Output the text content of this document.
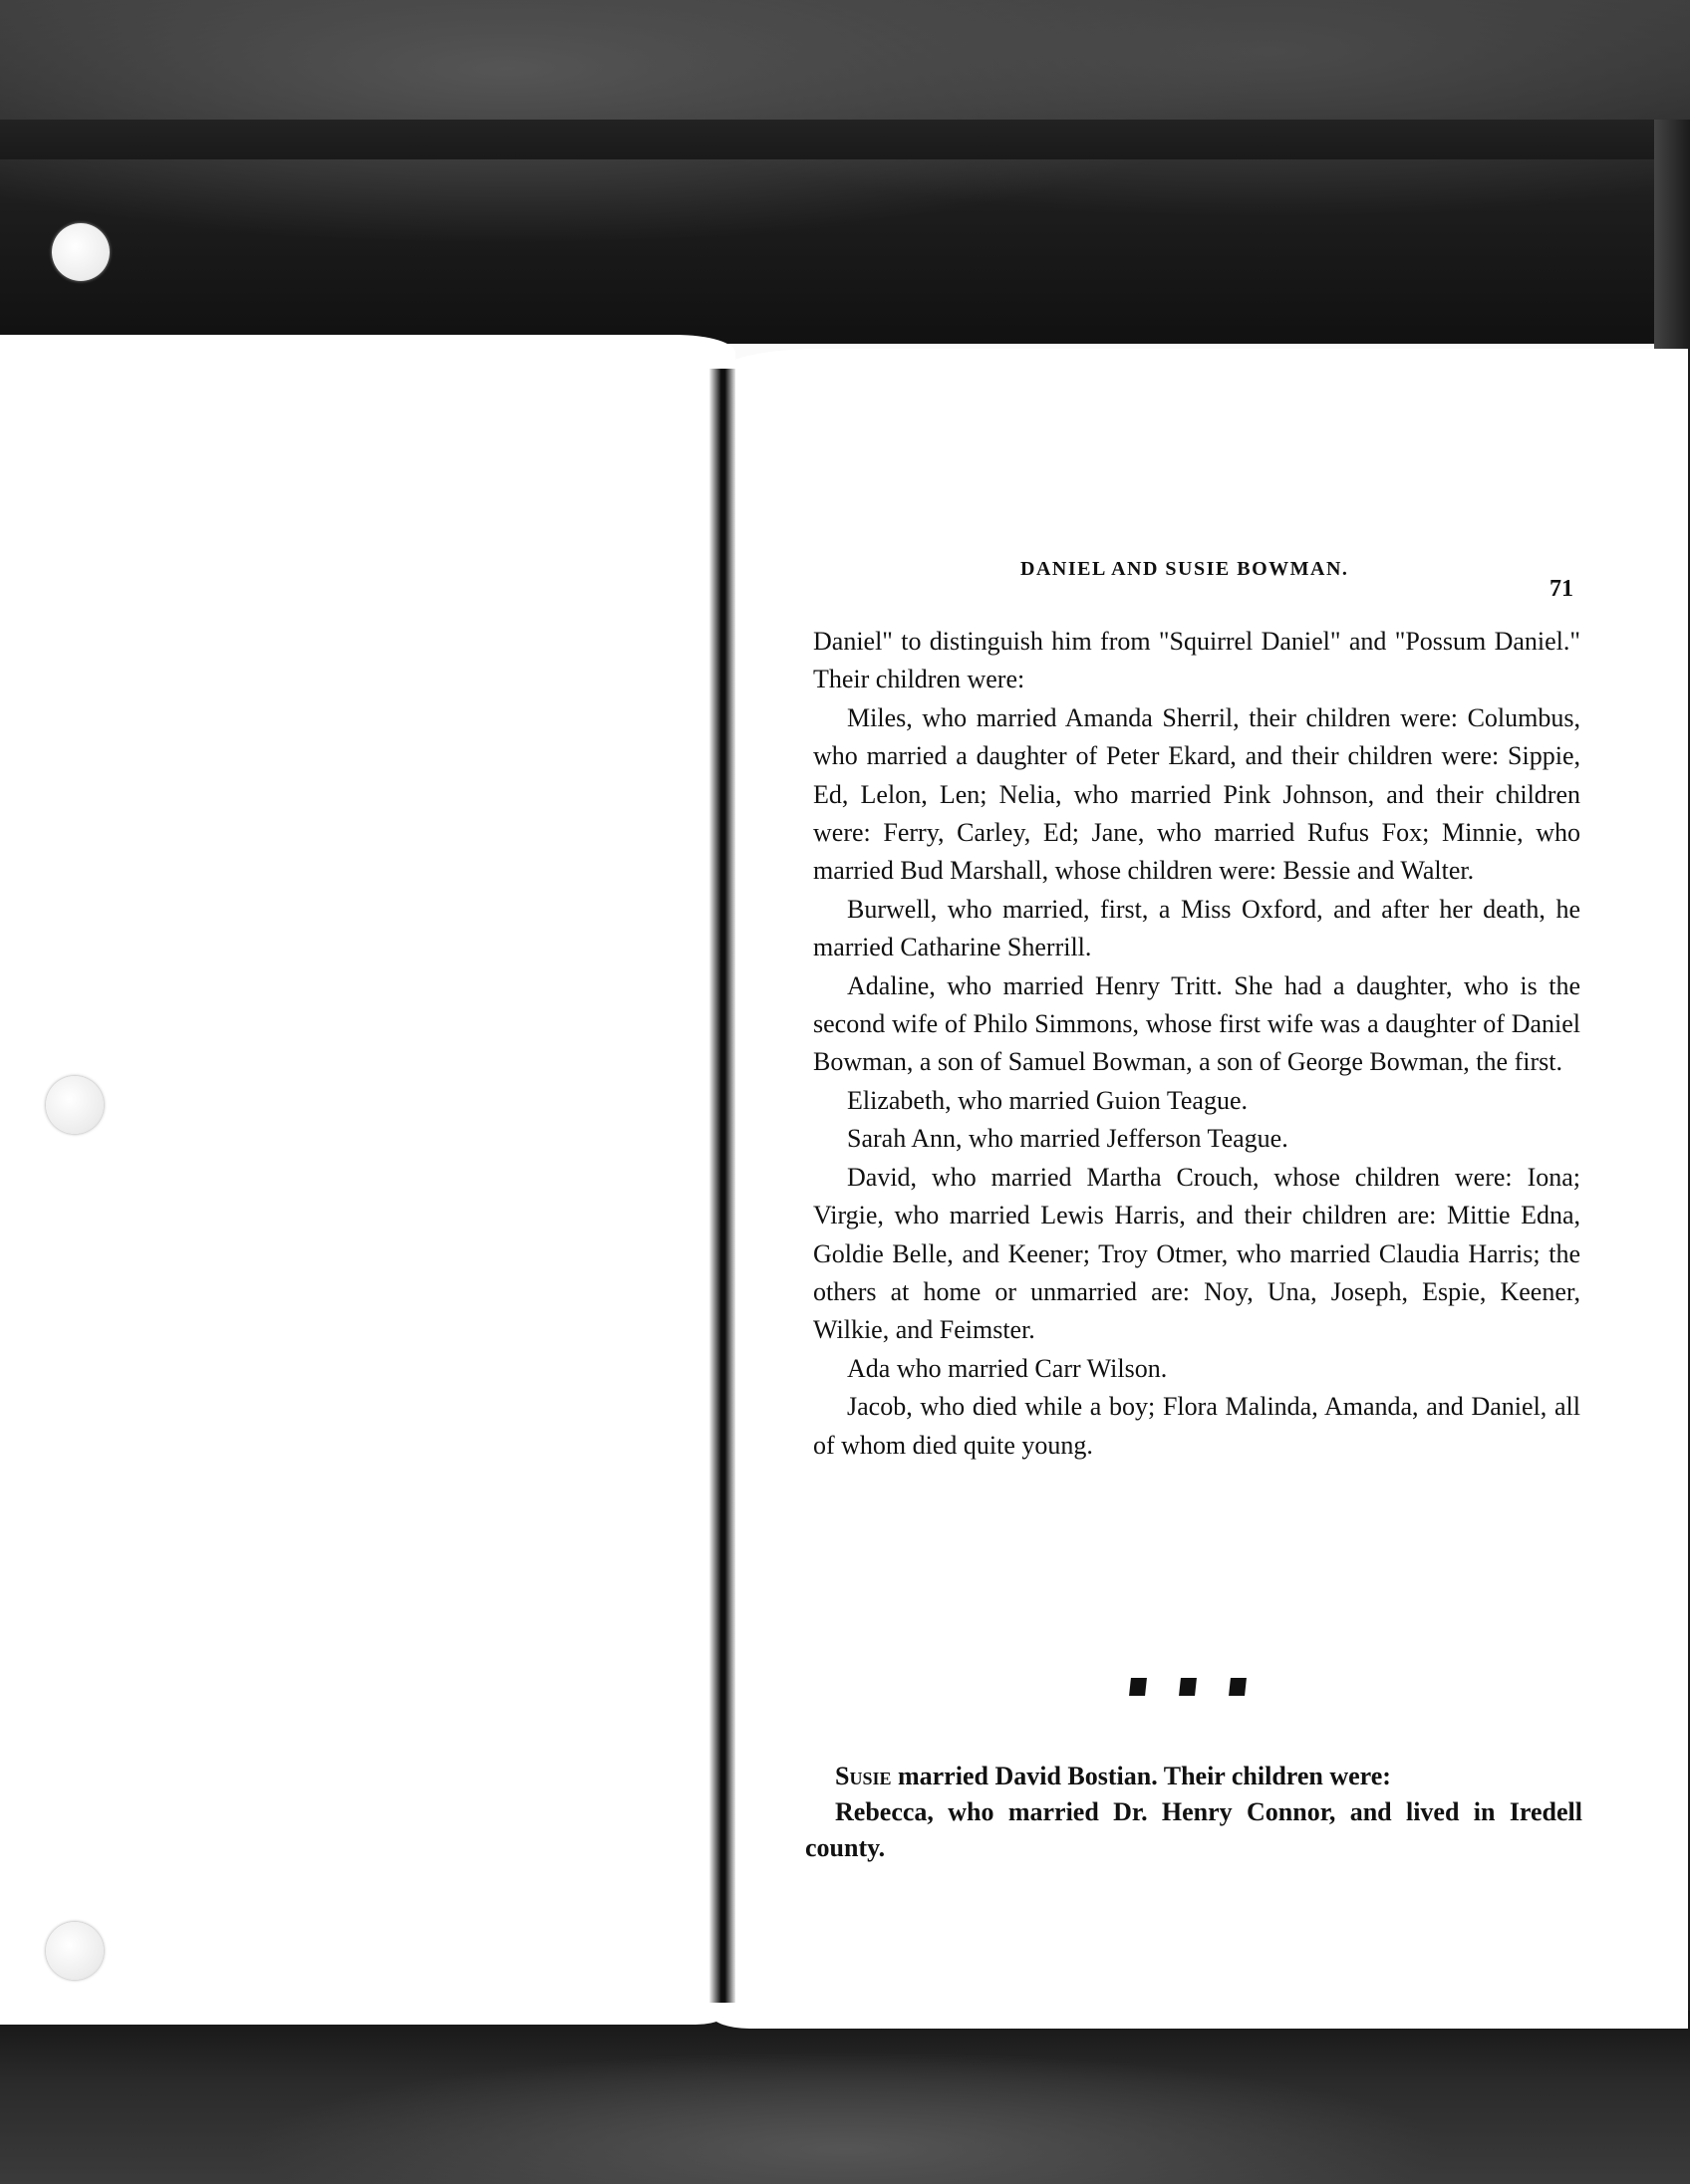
DANIEL AND SUSIE BOWMAN.
71

Daniel" to distinguish him from "Squirrel Daniel" and "Possum Daniel." Their children were:

Miles, who married Amanda Sherril, their children were: Columbus, who married a daughter of Peter Ekard, and their children were: Sippie, Ed, Lelon, Len; Nelia, who married Pink Johnson, and their children were: Ferry, Carley, Ed; Jane, who married Rufus Fox; Minnie, who married Bud Marshall, whose children were: Bessie and Walter.

Burwell, who married, first, a Miss Oxford, and after her death, he married Catharine Sherrill.

Adaline, who married Henry Tritt. She had a daughter, who is the second wife of Philo Simmons, whose first wife was a daughter of Daniel Bowman, a son of Samuel Bowman, a son of George Bowman, the first.

Elizabeth, who married Guion Teague.

Sarah Ann, who married Jefferson Teague.

David, who married Martha Crouch, whose children were: Iona; Virgie, who married Lewis Harris, and their children are: Mittie Edna, Goldie Belle, and Keener; Troy Otmer, who married Claudia Harris; the others at home or unmarried are: Noy, Una, Joseph, Espie, Keener, Wilkie, and Feimster.

Ada who married Carr Wilson.

Jacob, who died while a boy; Flora Malinda, Amanda, and Daniel, all of whom died quite young.

Susie married David Bostian. Their children were:

Rebecca, who married Dr. Henry Connor, and lived in Iredell county.
